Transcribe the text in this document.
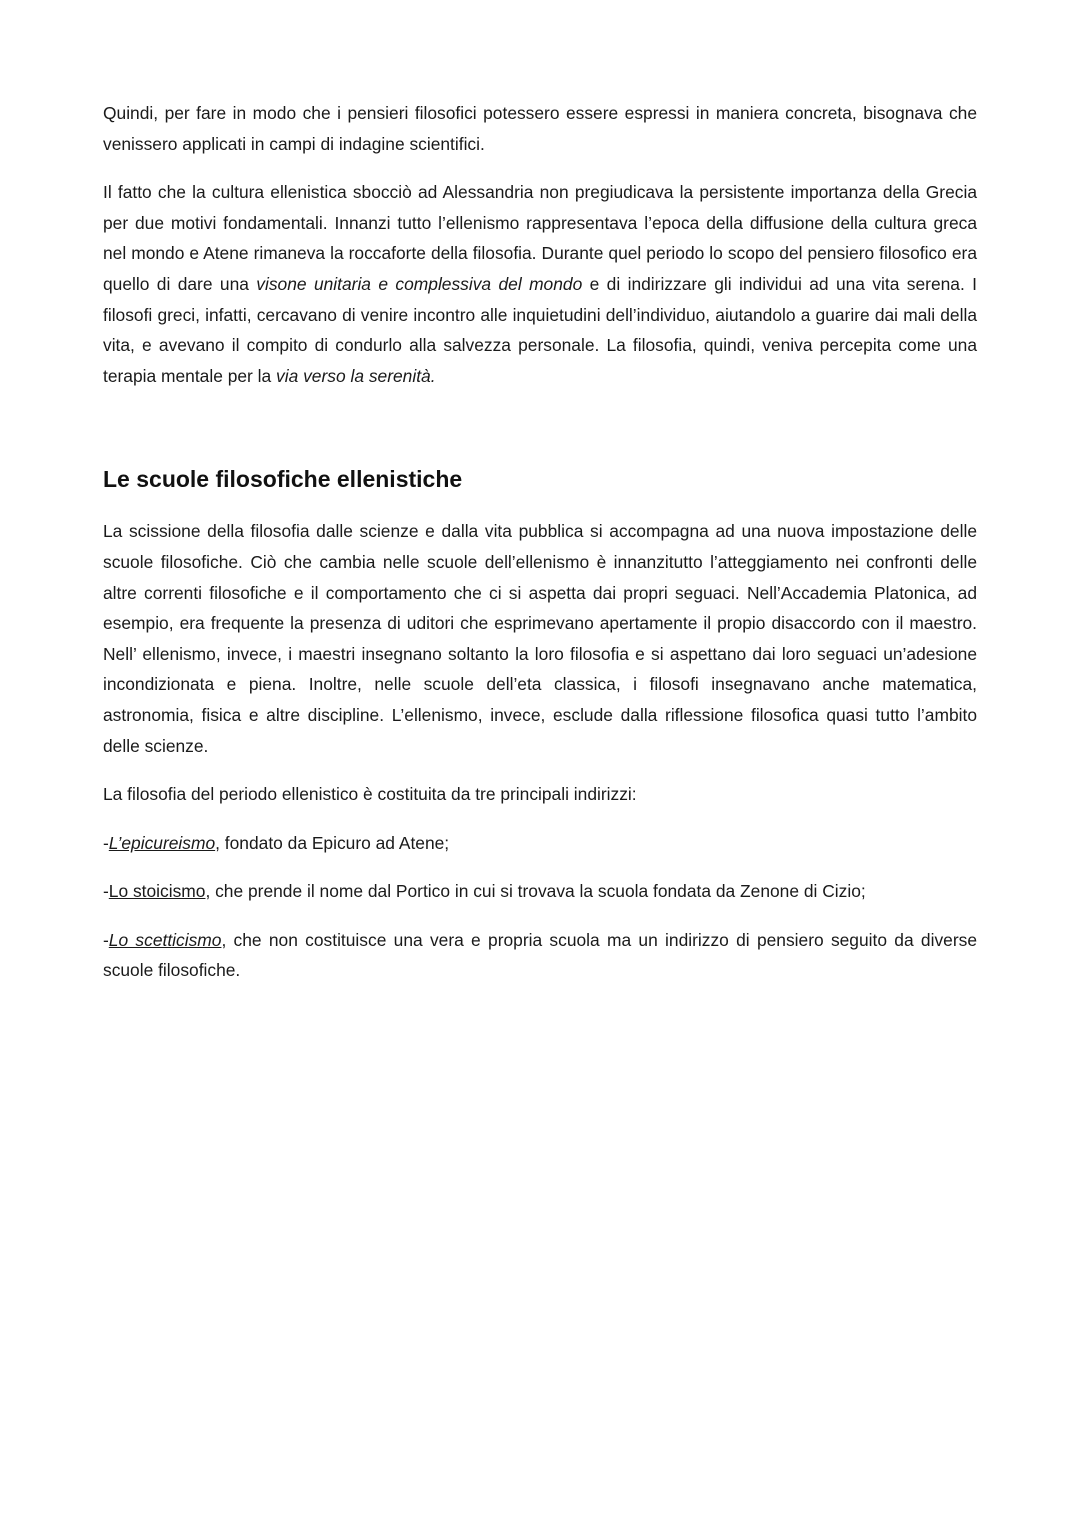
Quindi, per fare in modo che i pensieri filosofici potessero essere espressi in maniera concreta, bisognava che venissero applicati in campi di indagine scientifici.

Il fatto che la cultura ellenistica sbocciò ad Alessandria non pregiudicava la persistente importanza della Grecia per due motivi fondamentali. Innanzi tutto l’ellenismo rappresentava l’epoca della diffusione della cultura greca nel mondo e Atene rimaneva la roccaforte della filosofia. Durante quel periodo lo scopo del pensiero filosofico era quello di dare una visone unitaria e complessiva del mondo e di indirizzare gli individui ad una vita serena. I filosofi greci, infatti, cercavano di venire incontro alle inquietudini dell’individuo, aiutandolo a guarire dai mali della vita, e avevano il compito di condurlo alla salvezza personale. La filosofia, quindi, veniva percepita come una terapia mentale per la via verso la serenità.

Le scuole filosofiche ellenistiche

La scissione della filosofia dalle scienze e dalla vita pubblica si accompagna ad una nuova impostazione delle scuole filosofiche. Ciò che cambia nelle scuole dell’ellenismo è innanzitutto l’atteggiamento nei confronti delle altre correnti filosofiche e il comportamento che ci si aspetta dai propri seguaci. Nell’Accademia Platonica, ad esempio, era frequente la presenza di uditori che esprimevano apertamente il propio disaccordo con il maestro. Nell’ ellenismo, invece, i maestri insegnano soltanto la loro filosofia e si aspettano dai loro seguaci un’adesione incondizionata e piena. Inoltre, nelle scuole dell’eta classica, i filosofi insegnavano anche matematica, astronomia, fisica e altre discipline. L’ellenismo, invece, esclude dalla riflessione filosofica quasi tutto l’ambito delle scienze.

La filosofia del periodo ellenistico è costituita da tre principali indirizzi:

-L’epicureismo, fondato da Epicuro ad Atene;

-Lo stoicismo, che prende il nome dal Portico in cui si trovava la scuola fondata da Zenone di Cizio;

-Lo scetticismo, che non costituisce una vera e propria scuola ma un indirizzo di pensiero seguito da diverse scuole filosofiche.
